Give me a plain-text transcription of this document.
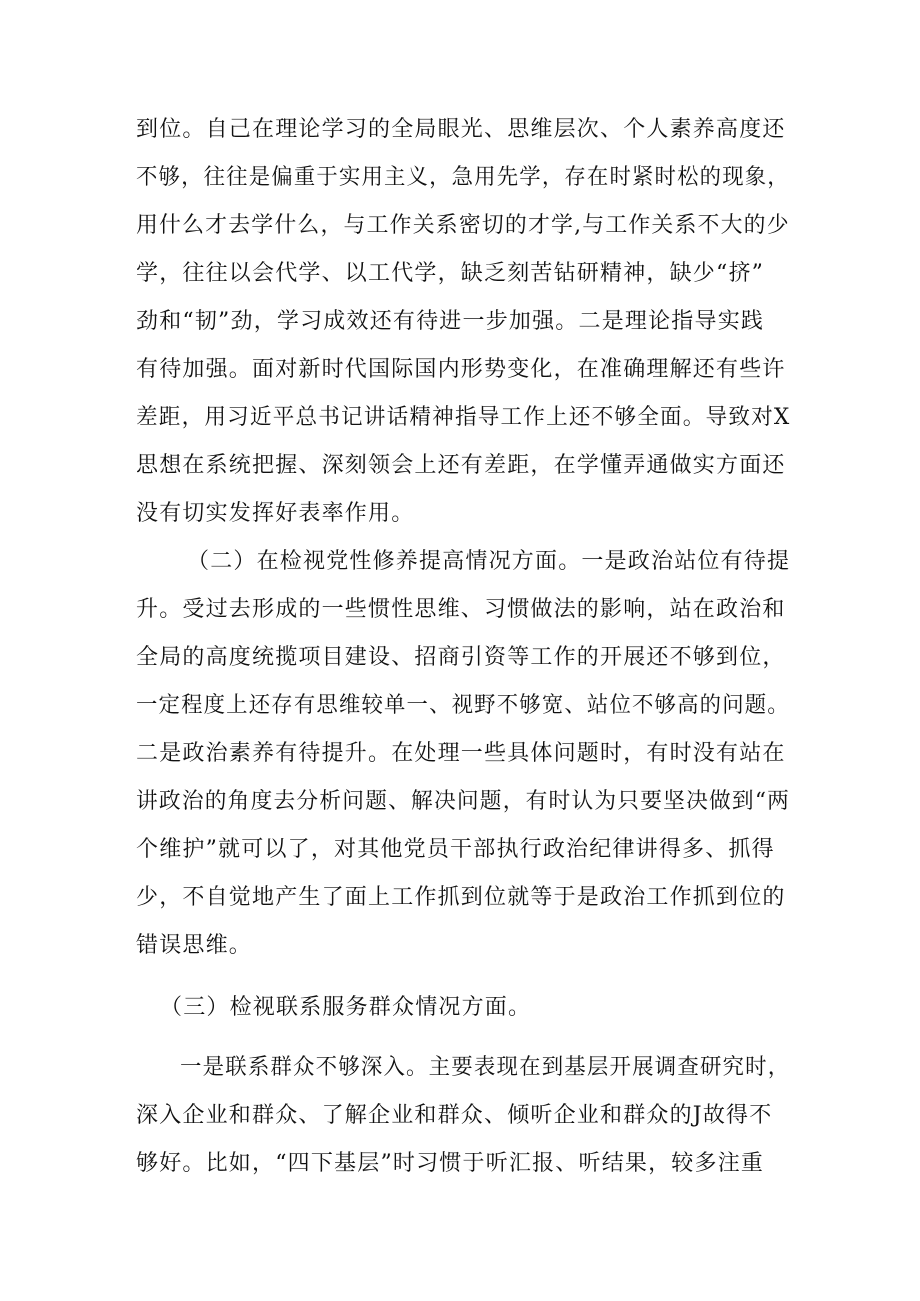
到位。自己在理论学习的全局眼光、思维层次、个人素养高度还
不够，往往是偏重于实用主义，急用先学，存在时紧时松的现象，
用什么才去学什么，与工作关系密切的才学,与工作关系不大的少
学，往往以会代学、以工代学，缺乏刻苦钻研精神，缺少“挤”
劲和“韧”劲，学习成效还有待进一步加强。二是理论指导实践
有待加强。面对新时代国际国内形势变化，在准确理解还有些许
差距，用习近平总书记讲话精神指导工作上还不够全面。导致对X
思想在系统把握、深刻领会上还有差距，在学懂弄通做实方面还
没有切实发挥好表率作用。
（二）在检视党性修养提高情况方面。一是政治站位有待提
升。受过去形成的一些惯性思维、习惯做法的影响，站在政治和
全局的高度统揽项目建设、招商引资等工作的开展还不够到位，
一定程度上还存有思维较单一、视野不够宽、站位不够高的问题。
二是政治素养有待提升。在处理一些具体问题时，有时没有站在
讲政治的角度去分析问题、解决问题，有时认为只要坚决做到“两
个维护”就可以了，对其他党员干部执行政治纪律讲得多、抓得
少，不自觉地产生了面上工作抓到位就等于是政治工作抓到位的
错误思维。
（三）检视联系服务群众情况方面。
一是联系群众不够深入。主要表现在到基层开展调查研究时，
深入企业和群众、了解企业和群众、倾听企业和群众的J故得不
够好。比如，“四下基层”时习惯于听汇报、听结果，较多注重
